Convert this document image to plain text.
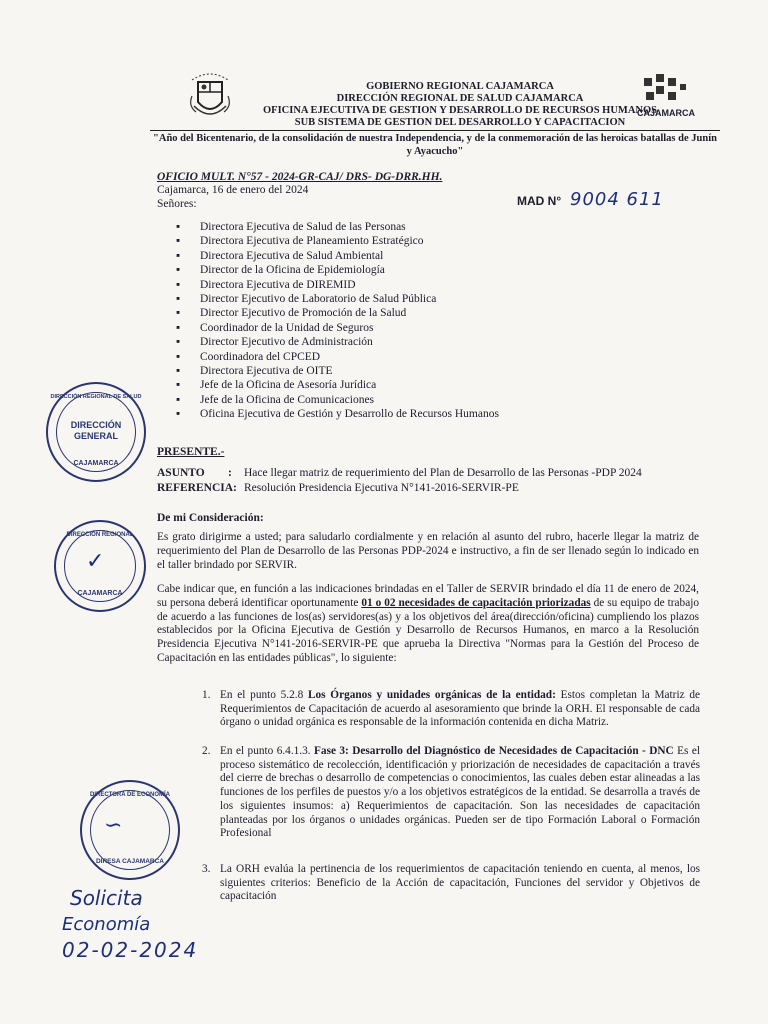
GOBIERNO REGIONAL CAJAMARCA
DIRECCIÓN REGIONAL DE SALUD CAJAMARCA
OFICINA EJECUTIVA DE GESTION Y DESARROLLO DE RECURSOS HUMANOS
SUB SISTEMA DE GESTION DEL DESARROLLO Y CAPACITACION
CAJAMARCA
"Año del Bicentenario, de la consolidación de nuestra Independencia, y de la conmemoración de las heroicas batallas de Junín y Ayacucho"
OFICIO MULT. N°57 - 2024-GR-CAJ/ DRS- DG-DRR.HH.
Cajamarca, 16 de enero del 2024
MAD N° 9004 611
Señores:
▪ Directora Ejecutiva de Salud de las Personas
▪ Directora Ejecutiva de Planeamiento Estratégico
▪ Directora Ejecutiva de Salud Ambiental
▪ Director de la Oficina de Epidemiología
▪ Directora Ejecutiva de DIREMID
▪ Director Ejecutivo de Laboratorio de Salud Pública
▪ Director Ejecutivo de Promoción de la Salud
▪ Coordinador de la Unidad de Seguros
▪ Director Ejecutivo de Administración
▪ Coordinadora del CPCED
▪ Directora Ejecutiva de OITE
▪ Jefe de la Oficina de Asesoría Jurídica
▪ Jefe de la Oficina de Comunicaciones
▪ Oficina Ejecutiva de Gestión y Desarrollo de Recursos Humanos
DIRECCIÓN REGIONAL DE SALUD
DIRECCIÓN GENERAL
CAJAMARCA
PRESENTE.-
ASUNTO : Hace llegar matriz de requerimiento del Plan de Desarrollo de las Personas -PDP 2024
REFERENCIA: Resolución Presidencia Ejecutiva N°141-2016-SERVIR-PE
De mi Consideración:
DIRECCIÓN REGIONAL
✓
CAJAMARCA
Es grato dirigirme a usted; para saludarlo cordialmente y en relación al asunto del rubro, hacerle llegar la matriz de requerimiento del Plan de Desarrollo de las Personas PDP-2024 e instructivo, a fin de ser llenado según lo indicado en el taller brindado por SERVIR.
Cabe indicar que, en función a las indicaciones brindadas en el Taller de SERVIR brindado el día 11 de enero de 2024, su persona deberá identificar oportunamente 01 o 02 necesidades de capacitación priorizadas de su equipo de trabajo de acuerdo a las funciones de los(as) servidores(as) y a los objetivos del área(dirección/oficina) cumpliendo los plazos establecidos por la Oficina Ejecutiva de Gestión y Desarrollo de Recursos Humanos, en marco a la Resolución Presidencia Ejecutiva N°141-2016-SERVIR-PE que aprueba la Directiva "Normas para la Gestión del Proceso de Capacitación en las entidades públicas", lo siguiente:
1. En el punto 5.2.8 Los Órganos y unidades orgánicas de la entidad: Estos completan la Matriz de Requerimientos de Capacitación de acuerdo al asesoramiento que brinde la ORH. El responsable de cada órgano o unidad orgánica es responsable de la información contenida en dicha Matriz.
2. En el punto 6.4.1.3. Fase 3: Desarrollo del Diagnóstico de Necesidades de Capacitación - DNC Es el proceso sistemático de recolección, identificación y priorización de necesidades de capacitación a través del cierre de brechas o desarrollo de competencias o conocimientos, las cuales deben estar alineadas a las funciones de los perfiles de puestos y/o a los objetivos estratégicos de la entidad. Se desarrolla a través de los siguientes insumos: a) Requerimientos de capacitación. Son las necesidades de capacitación planteadas por los órganos o unidades orgánicas. Pueden ser de tipo Formación Laboral o Formación Profesional
3. La ORH evalúa la pertinencia de los requerimientos de capacitación teniendo en cuenta, al menos, los siguientes criterios: Beneficio de la Acción de capacitación, Funciones del servidor y Objetivos de capacitación
DIRECTORA DE ECONOMÍA
∽
DIRESA CAJAMARCA
Solicita
Economía
02-02-2024
